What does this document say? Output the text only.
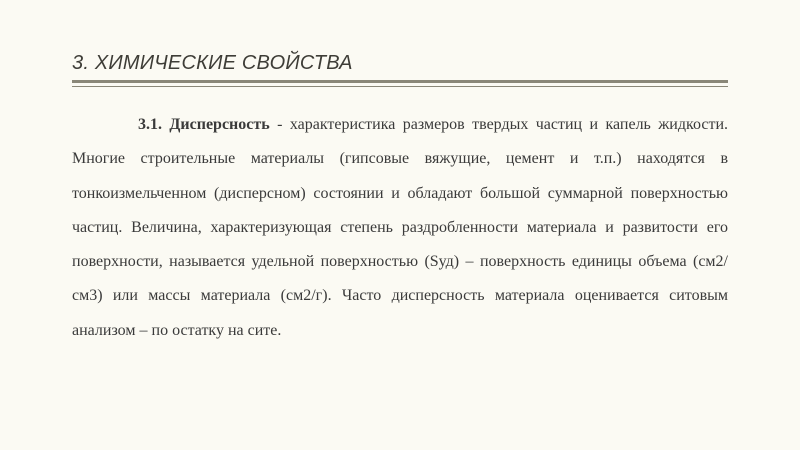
3. ХИМИЧЕСКИЕ СВОЙСТВА

3.1. Дисперсность - характеристика размеров твердых частиц и капель жидкости. Многие строительные материалы (гипсовые вяжущие, цемент и т.п.) находятся в тонкоизмельченном (дисперсном) состоянии и обладают большой суммарной поверхностью частиц. Величина, характеризующая степень раздробленности материала и развитости его поверхности, называется удельной поверхностью (Sуд) – поверхность единицы объема (см2/см3) или массы материала (см2/г). Часто дисперсность материала оценивается ситовым анализом – по остатку на сите.
